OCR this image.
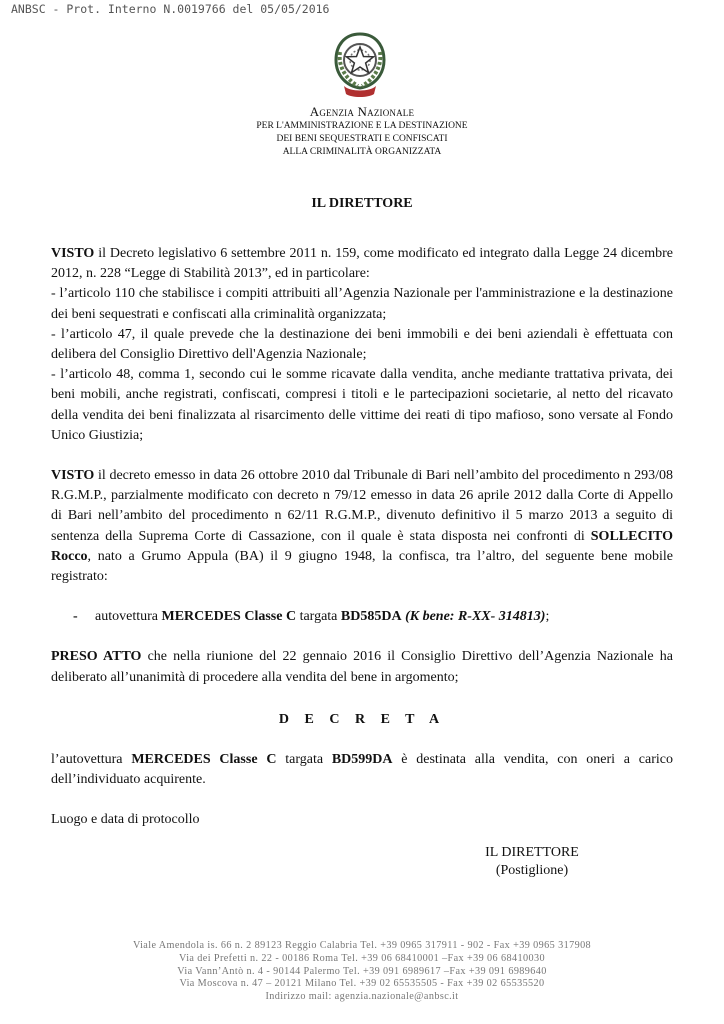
ANBSC - Prot. Interno N.0019766 del 05/05/2016
Agenzia Nazionale
PER L'AMMINISTRAZIONE E LA DESTINAZIONE
DEI BENI SEQUESTRATI E CONFISCATI
ALLA CRIMINALITÀ ORGANIZZATA
IL DIRETTORE

VISTO il Decreto legislativo 6 settembre 2011 n. 159, come modificato ed integrato dalla Legge 24 dicembre 2012, n. 228 “Legge di Stabilità 2013”, ed in particolare:

- l’articolo 110 che stabilisce i compiti attribuiti all’Agenzia Nazionale per l'amministrazione e la destinazione dei beni sequestrati e confiscati alla criminalità organizzata;

- l’articolo 47, il quale prevede che la destinazione dei beni immobili e dei beni aziendali è effettuata con delibera del Consiglio Direttivo dell'Agenzia Nazionale;

- l’articolo 48, comma 1, secondo cui le somme ricavate dalla vendita, anche mediante trattativa privata, dei beni mobili, anche registrati, confiscati, compresi i titoli e le partecipazioni societarie, al netto del ricavato della vendita dei beni finalizzata al risarcimento delle vittime dei reati di tipo mafioso, sono versate al Fondo Unico Giustizia;

VISTO il decreto emesso in data 26 ottobre 2010 dal Tribunale di Bari nell’ambito del procedimento n 293/08 R.G.M.P., parzialmente modificato con decreto n 79/12 emesso in data 26 aprile 2012 dalla Corte di Appello di Bari nell’ambito del procedimento n 62/11 R.G.M.P., divenuto definitivo il 5 marzo 2013 a seguito di sentenza della Suprema Corte di Cassazione, con il quale è stata disposta nei confronti di SOLLECITO Rocco, nato a Grumo Appula (BA) il 9 giugno 1948, la confisca, tra l’altro, del seguente bene mobile registrato:

-	autovettura MERCEDES Classe C targata BD585DA (K bene: R-XX- 314813);

PRESO ATTO che nella riunione del 22 gennaio 2016 il Consiglio Direttivo dell’Agenzia Nazionale ha deliberato all’unanimità di procedere alla vendita del bene in argomento;

D E C R E T A

l’autovettura MERCEDES Classe C targata BD599DA è destinata alla vendita, con oneri a carico dell’individuato acquirente.

Luogo e data di protocollo

IL DIRETTORE
(Postiglione)
Viale Amendola is. 66 n. 2 89123 Reggio Calabria Tel. +39 0965 317911 - 902 - Fax +39 0965 317908
Via dei Prefetti n. 22 - 00186 Roma Tel. +39 06 68410001 –Fax +39 06 68410030
Via Vann’Antò n. 4 - 90144 Palermo Tel. +39 091 6989617 –Fax +39 091 6989640
Via Moscova n. 47 – 20121 Milano Tel. +39 02 65535505 - Fax +39 02 65535520
Indirizzo mail: agenzia.nazionale@anbsc.it
